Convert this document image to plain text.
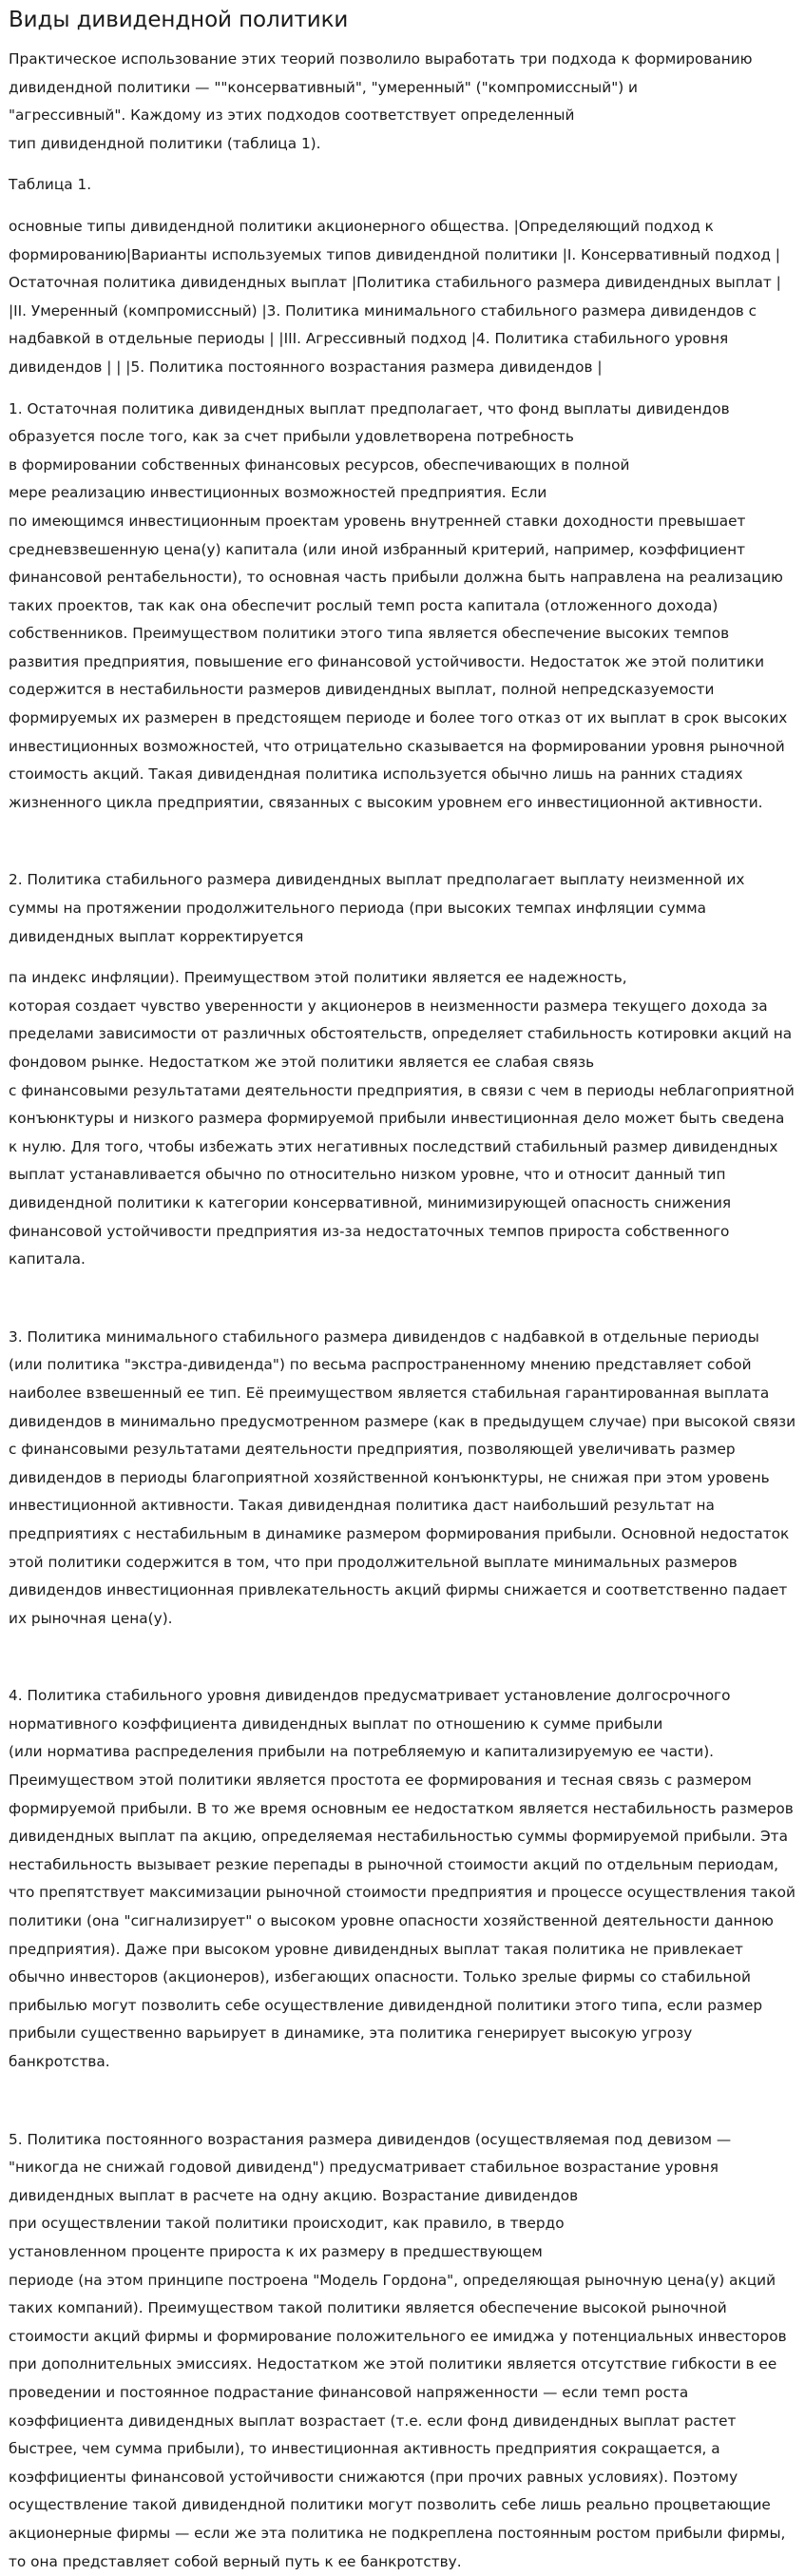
Виды дивидендной политики

Практическое использование этих теорий позволило выработать три подхода к формированию дивидендной политики — ""консервативный", "умеренный" ("компромиссный") и
"агрессивный". Каждому из этих подходов соответствует определенный
тип дивидендной политики (таблица 1).

Таблица 1.

основные типы дивидендной политики акционерного общества. |Определяющий подход к формированию|Варианты используемых типов дивидендной политики |I. Консервативный подход |Остаточная политика дивидендных выплат |Политика стабильного размера дивидендных выплат | |II. Умеренный (компромиссный) |3. Политика минимального стабильного размера дивидендов с надбавкой в отдельные периоды | |III. Агрессивный подход |4. Политика стабильного уровня дивидендов | | |5. Политика постоянного возрастания размера дивидендов |

1. Остаточная политика дивидендных выплат предполагает, что фонд выплаты дивидендов образуется после того, как за счет прибыли удовлетворена потребность
в формировании собственных финансовых ресурсов, обеспечивающих в полной
мере реализацию инвестиционных возможностей предприятия. Если
по имеющимся инвестиционным проектам уровень внутренней ставки доходности превышает средневзвешенную цена(у) капитала (или иной избранный критерий, например, коэффициент финансовой рентабельности), то основная часть прибыли должна быть направлена на реализацию таких проектов, так как она обеспечит рослый темп роста капитала (отложенного дохода) собственников. Преимуществом политики этого типа является обеспечение высоких темпов развития предприятия, повышение его финансовой устойчивости. Недостаток же этой политики содержится в нестабильности размеров дивидендных выплат, полной непредсказуемости формируемых их размерен в предстоящем периоде и более того отказ от их выплат в срок высоких инвестиционных возможностей, что отрицательно сказывается на формировании уровня рыночной стоимость акций. Такая дивидендная политика используется обычно лишь на ранних стадиях жизненного цикла предприятии, связанных с высоким уровнем его инвестиционной активности.

2. Политика стабильного размера дивидендных выплат предполагает выплату неизменной их суммы на протяжении продолжительного периода (при высоких темпах инфляции сумма дивидендных выплат корректируется

па индекс инфляции). Преимуществом этой политики является ее надежность,
которая создает чувство уверенности у акционеров в неизменности размера текущего дохода за пределами зависимости от различных обстоятельств, определяет стабильность котировки акций на фондовом рынке. Недостатком же этой политики является ее слабая связь
с финансовыми результатами деятельности предприятия, в связи с чем в периоды неблагоприятной конъюнктуры и низкого размера формируемой прибыли инвестиционная дело может быть сведена к нулю. Для того, чтобы избежать этих негативных последствий стабильный размер дивидендных выплат устанавливается обычно по относительно низком уровне, что и относит данный тип дивидендной политики к категории консервативной, минимизирующей опасность снижения финансовой устойчивости предприятия из-за недостаточных темпов прироста собственного капитала.

3. Политика минимального стабильного размера дивидендов с надбавкой в отдельные периоды (или политика "экстра-дивиденда") по весьма распространенному мнению представляет собой наиболее взвешенный ее тип. Её преимуществом является стабильная гарантированная выплата дивидендов в минимально предусмотренном размере (как в предыдущем случае) при высокой связи с финансовыми результатами деятельности предприятия, позволяющей увеличивать размер дивидендов в периоды благоприятной хозяйственной конъюнктуры, не снижая при этом уровень инвестиционной активности. Такая дивидендная политика даст наибольший результат на предприятиях с нестабильным в динамике размером формирования прибыли. Основной недостаток этой политики содержится в том, что при продолжительной выплате минимальных размеров дивидендов инвестиционная привлекательность акций фирмы снижается и соответственно падает их рыночная цена(у).

4. Политика стабильного уровня дивидендов предусматривает установление долгосрочного нормативного коэффициента дивидендных выплат по отношению к сумме прибыли
(или норматива распределения прибыли на потребляемую и капитализируемую ее части). Преимуществом этой политики является простота ее формирования и тесная связь с размером формируемой прибыли. В то же время основным ее недостатком является нестабильность размеров дивидендных выплат па акцию, определяемая нестабильностью суммы формируемой прибыли. Эта нестабильность вызывает резкие перепады в рыночной стоимости акций по отдельным периодам, что препятствует максимизации рыночной стоимости предприятия и процессе осуществления такой политики (она "сигнализирует" о высоком уровне опасности хозяйственной деятельности данною предприятия). Даже при высоком уровне дивидендных выплат такая политика не привлекает обычно инвесторов (акционеров), избегающих опасности. Только зрелые фирмы со стабильной прибылью могут позволить себе осуществление дивидендной политики этого типа, если размер прибыли существенно варьирует в динамике, эта политика генерирует высокую угрозу банкротства.

5. Политика постоянного возрастания размера дивидендов (осуществляемая под девизом — "никогда не снижай годовой дивиденд") предусматривает стабильное возрастание уровня дивидендных выплат в расчете на одну акцию. Возрастание дивидендов
при осуществлении такой политики происходит, как правило, в твердо
установленном проценте прироста к их размеру в предшествующем
периоде (на этом принципе построена "Модель Гордона", определяющая рыночную цена(у) акций таких компаний). Преимуществом такой политики является обеспечение высокой рыночной стоимости акций фирмы и формирование положительного ее имиджа у потенциальных инвесторов при дополнительных эмиссиях. Недостатком же этой политики является отсутствие гибкости в ее проведении и постоянное подрастание финансовой напряженности — если темп роста коэффициента дивидендных выплат возрастает (т.е. если фонд дивидендных выплат растет быстрее, чем сумма прибыли), то инвестиционная активность предприятия сокращается, а коэффициенты финансовой устойчивости снижаются (при прочих равных условиях). Поэтому осуществление такой дивидендной политики могут позволить себе лишь реально процветающие акционерные фирмы — если же эта политика не подкреплена постоянным ростом прибыли фирмы, то она представляет собой верный путь к ее банкротству.
